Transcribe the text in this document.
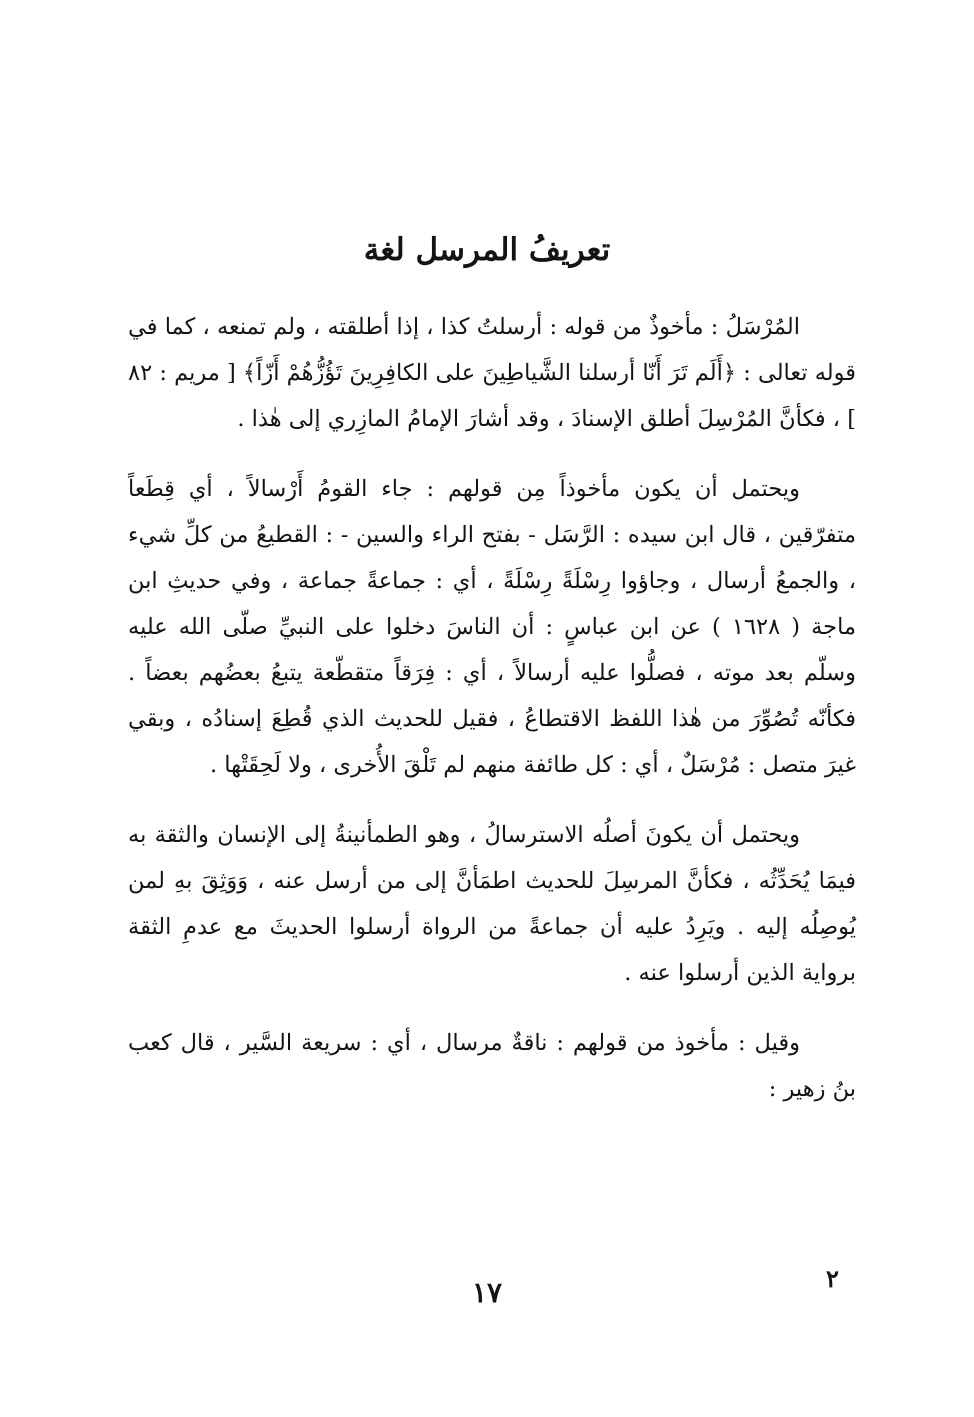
تعريفُ المرسل لغة

المُرْسَلُ : مأخوذٌ من قوله : أرسلتُ كذا ، إذا أطلقته ، ولم تمنعه ، كما في قوله تعالى : ﴿أَلَم تَرَ أَنّا أرسلنا الشَّياطِينَ على الكافِرِينَ تَؤُزُّهُمْ أَزّاً﴾ [ مريم : ٨٢ ] ، فكأنَّ المُرْسِلَ أطلق الإسنادَ ، وقد أشارَ الإمامُ المازِري إلى هٰذا .

ويحتمل أن يكون مأخوذاً مِن قولهم : جاء القومُ أَرْسالاً ، أي قِطَعاً متفرّقين ، قال ابن سيده : الرَّسَل - بفتح الراء والسين - : القطيعُ من كلِّ شيء ، والجمعُ أرسال ، وجاؤوا رِسْلَةً رِسْلَةً ، أي : جماعةً جماعة ، وفي حديثِ ابن ماجة ( ١٦٢٨ ) عن ابن عباسٍ : أن الناسَ دخلوا على النبيِّ صلّى الله عليه وسلّم بعد موته ، فصلُّوا عليه أرسالاً ، أي : فِرَقاً متقطّعة يتبعُ بعضُهم بعضاً . فكأنّه تُصُوِّرَ من هٰذا اللفظ الاقتطاعُ ، فقيل للحديث الذي قُطِعَ إسنادُه ، وبقي غيرَ متصل : مُرْسَلٌ ، أي : كل طائفة منهم لم تَلْقَ الأُخرى ، ولا لَحِقَتْها .

ويحتمل أن يكونَ أصلُه الاسترسالُ ، وهو الطمأنينةُ إلى الإنسان والثقة به فيمَا يُحَدِّثُه ، فكأنَّ المرسِلَ للحديث اطمَأنَّ إلى من أرسل عنه ، وَوَثِقَ بهِ لمن يُوصِلُه إليه . ويَرِدُ عليه أن جماعةً من الرواة أرسلوا الحديثَ مع عدمِ الثقة برواية الذين أرسلوا عنه .

وقيل : مأخوذ من قولهم : ناقةٌ مرسال ، أي : سريعة السَّير ، قال كعب بنُ زهير :

٢
١٧
